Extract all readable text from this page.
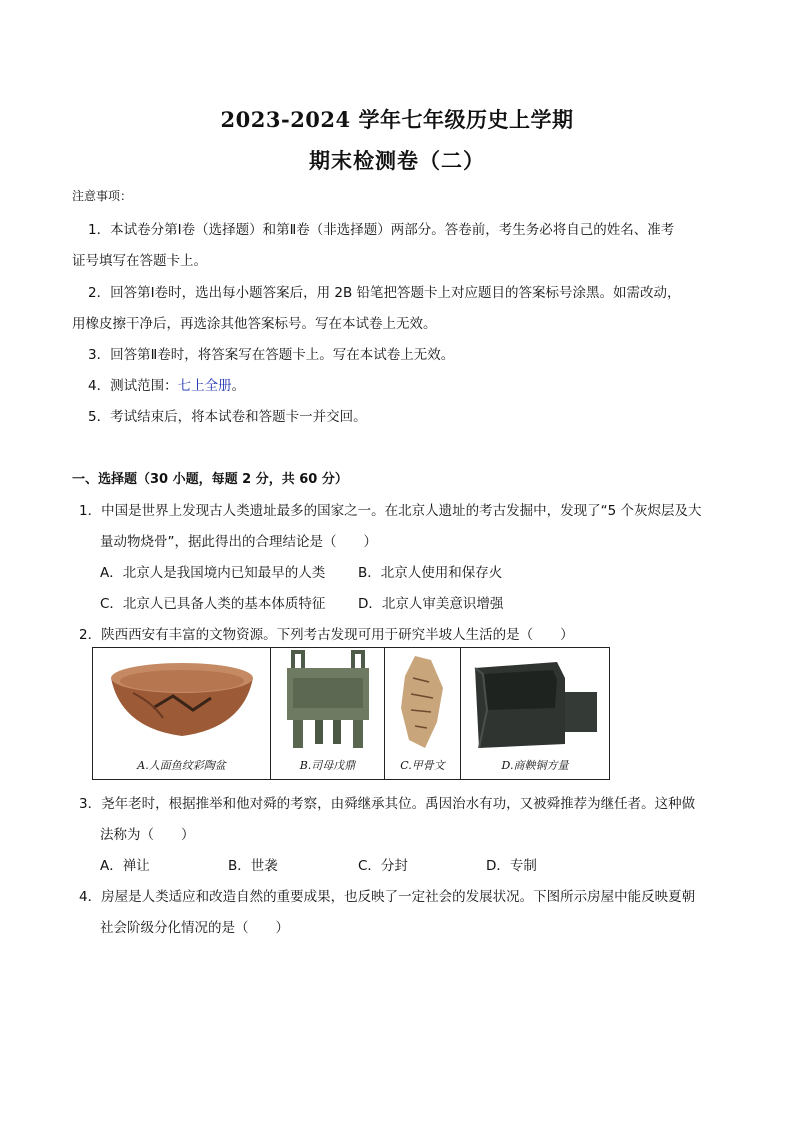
2023-2024 学年七年级历史上学期
期末检测卷（二）
注意事项：
1．本试卷分第Ⅰ卷（选择题）和第Ⅱ卷（非选择题）两部分。答卷前，考生务必将自己的姓名、准考
证号填写在答题卡上。
2．回答第Ⅰ卷时，选出每小题答案后，用 2B 铅笔把答题卡上对应题目的答案标号涂黑。如需改动，
用橡皮擦干净后，再选涂其他答案标号。写在本试卷上无效。
3．回答第Ⅱ卷时，将答案写在答题卡上。写在本试卷上无效。
4．测试范围：七上全册。
5．考试结束后，将本试卷和答题卡一并交回。
一、选择题（30 小题，每题 2 分，共 60 分）
1．中国是世界上发现古人类遗址最多的国家之一。在北京人遗址的考古发掘中，发现了“5 个灰烬层及大
量动物烧骨”，据此得出的合理结论是（　　）
A．北京人是我国境内已知最早的人类 B．北京人使用和保存火
C．北京人已具备人类的基本体质特征 D．北京人审美意识增强
2．陕西西安有丰富的文物资源。下列考古发现可用于研究半坡人生活的是（　　）
A.人面鱼纹彩陶盆	B.司母戊鼎	C.甲骨文	D.商鞅铜方量
3．尧年老时，根据推举和他对舜的考察，由舜继承其位。禹因治水有功，又被舜推荐为继任者。这种做
法称为（　　）
A．禅让	B．世袭	C．分封	D．专制
4．房屋是人类适应和改造自然的重要成果，也反映了一定社会的发展状况。下图所示房屋中能反映夏朝
社会阶级分化情况的是（　　）
